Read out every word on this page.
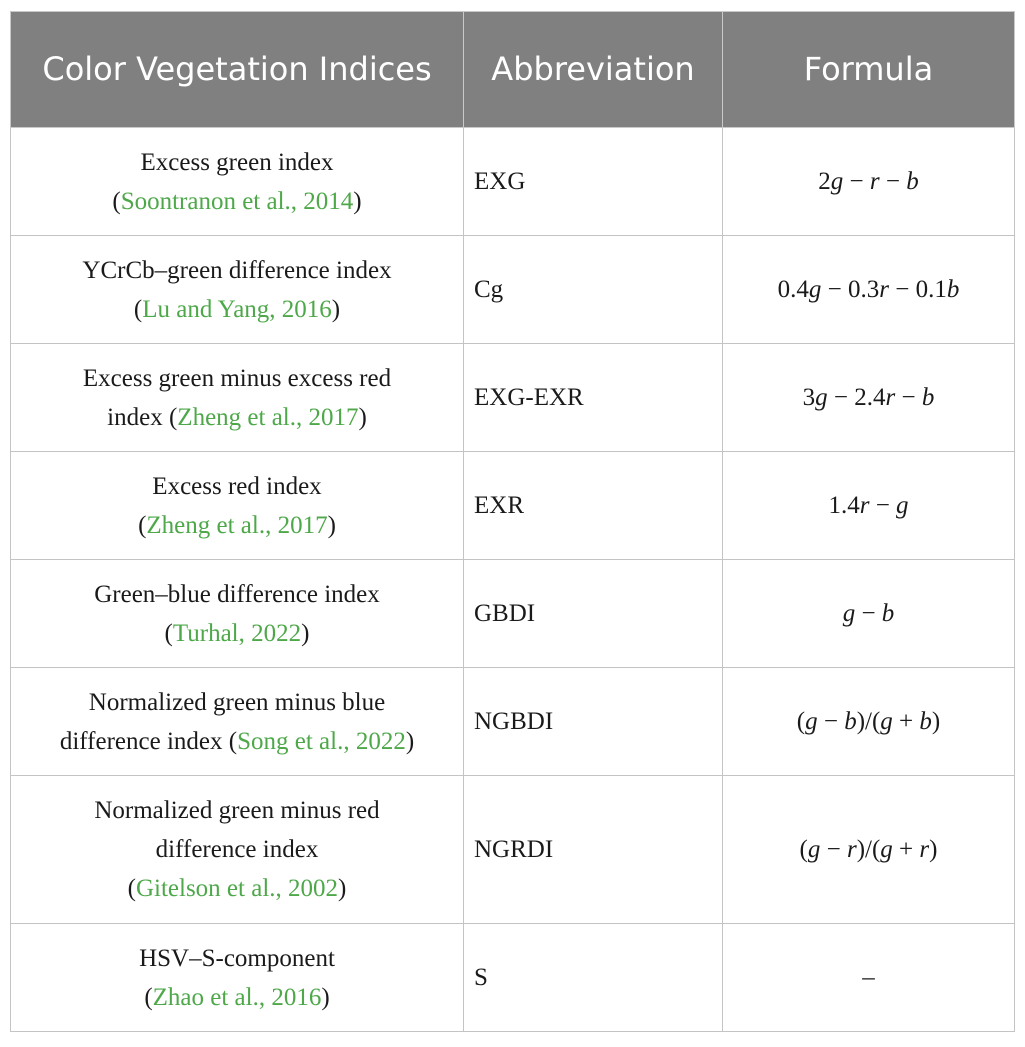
Color Vegetation Indices	Abbreviation	Formula
Excess green index
(Soontranon et al., 2014)	EXG	2g − r − b
YCrCb–green difference index
(Lu and Yang, 2016)	Cg	0.4g − 0.3r − 0.1b
Excess green minus excess red
index (Zheng et al., 2017)	EXG-EXR	3g − 2.4r − b
Excess red index
(Zheng et al., 2017)	EXR	1.4r − g
Green–blue difference index
(Turhal, 2022)	GBDI	g − b
Normalized green minus blue
difference index (Song et al., 2022)	NGBDI	(g − b)/(g + b)
Normalized green minus red
difference index
(Gitelson et al., 2002)	NGRDI	(g − r)/(g + r)
HSV–S-component
(Zhao et al., 2016)	S	–
